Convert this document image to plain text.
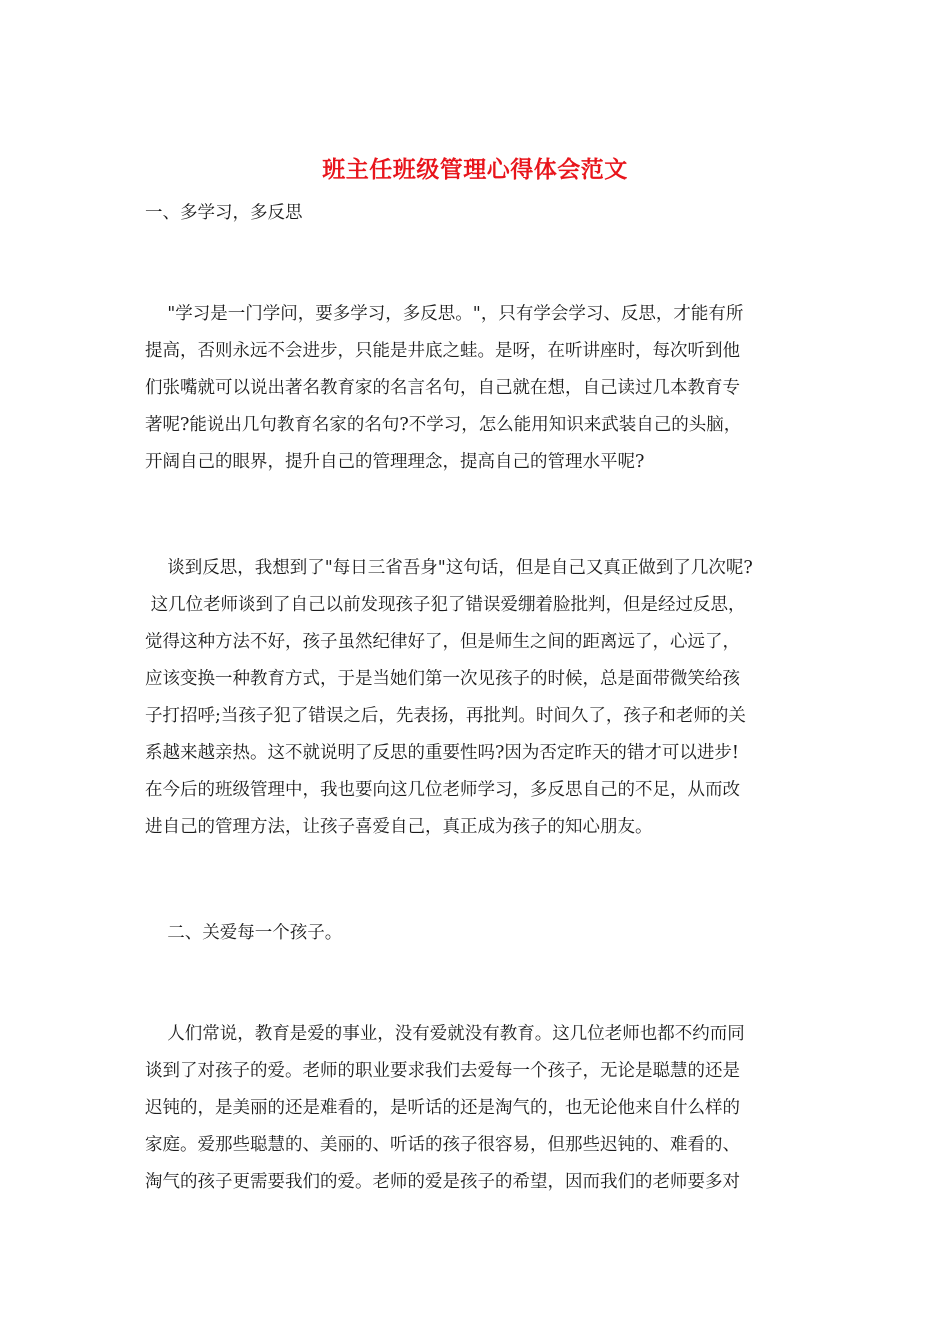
班主任班级管理心得体会范文
一、多学习，多反思
"学习是一门学问，要多学习，多反思。"，只有学会学习、反思，才能有所
提高，否则永远不会进步，只能是井底之蛙。是呀，在听讲座时，每次听到他
们张嘴就可以说出著名教育家的名言名句，自己就在想，自己读过几本教育专
著呢?能说出几句教育名家的名句?不学习，怎么能用知识来武装自己的头脑，
开阔自己的眼界，提升自己的管理理念，提高自己的管理水平呢?
谈到反思，我想到了"每日三省吾身"这句话，但是自己又真正做到了几次呢?
这几位老师谈到了自己以前发现孩子犯了错误爱绷着脸批判，但是经过反思，
觉得这种方法不好，孩子虽然纪律好了，但是师生之间的距离远了，心远了，
应该变换一种教育方式，于是当她们第一次见孩子的时候，总是面带微笑给孩
子打招呼;当孩子犯了错误之后，先表扬，再批判。时间久了，孩子和老师的关
系越来越亲热。这不就说明了反思的重要性吗?因为否定昨天的错才可以进步!
在今后的班级管理中，我也要向这几位老师学习，多反思自己的不足，从而改
进自己的管理方法，让孩子喜爱自己，真正成为孩子的知心朋友。
二、关爱每一个孩子。
人们常说，教育是爱的事业，没有爱就没有教育。这几位老师也都不约而同
谈到了对孩子的爱。老师的职业要求我们去爱每一个孩子，无论是聪慧的还是
迟钝的，是美丽的还是难看的，是听话的还是淘气的，也无论他来自什么样的
家庭。爱那些聪慧的、美丽的、听话的孩子很容易，但那些迟钝的、难看的、
淘气的孩子更需要我们的爱。老师的爱是孩子的希望，因而我们的老师要多对
